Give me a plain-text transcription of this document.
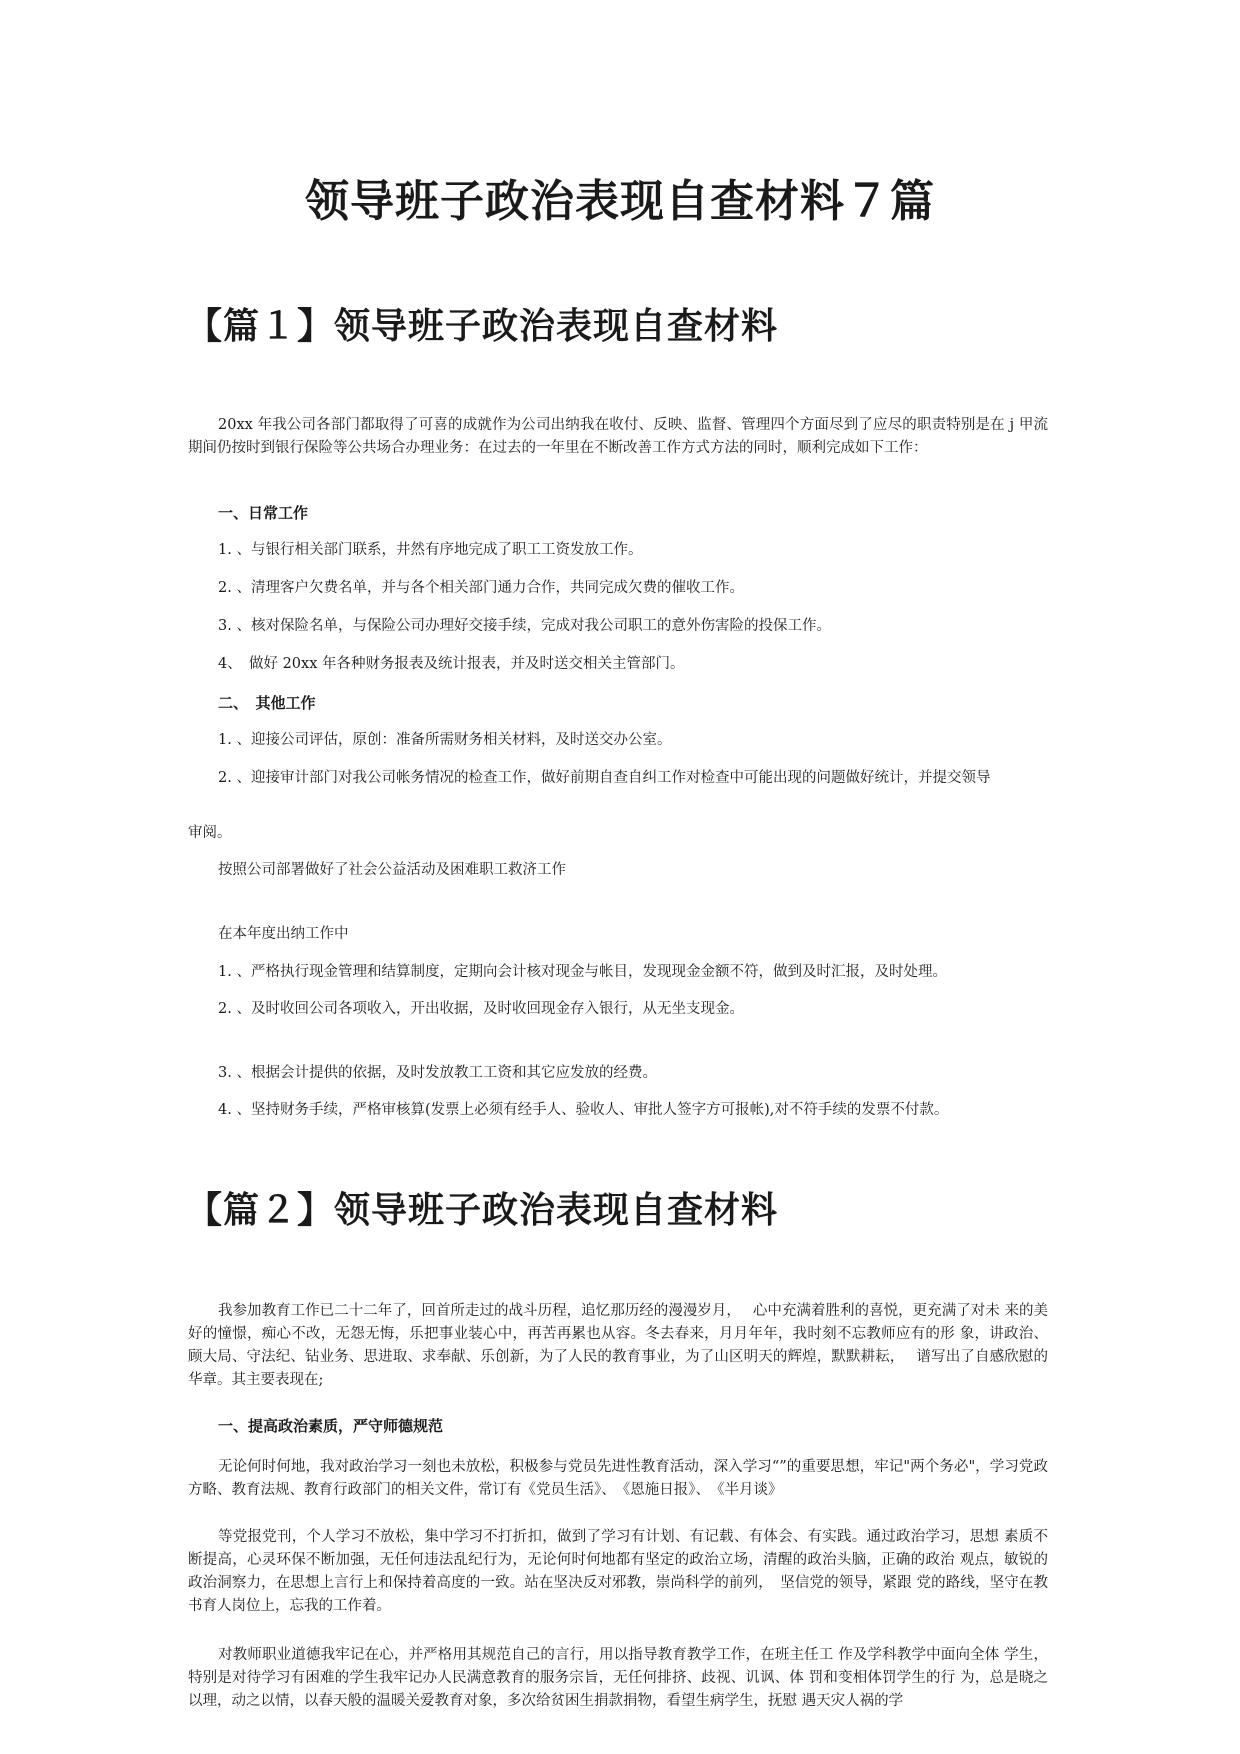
领导班子政治表现自查材料７篇
【篇１】领导班子政治表现自查材料

20xx 年我公司各部门都取得了可喜的成就作为公司出纳我在收付、反映、监督、管理四个方面尽到了应尽的职责特别是在 j 甲流期间仍按时到银行保险等公共场合办理业务：在过去的一年里在不断改善工作方式方法的同时，顺利完成如下工作：

一、日常工作

1. 、与银行相关部门联系，井然有序地完成了职工工资发放工作。

2. 、清理客户欠费名单，并与各个相关部门通力合作，共同完成欠费的催收工作。

3. 、核对保险名单，与保险公司办理好交接手续，完成对我公司职工的意外伤害险的投保工作。

4、　做好 20xx 年各种财务报表及统计报表，并及时送交相关主管部门。

二、　其他工作

1. 、迎接公司评估，原创：准备所需财务相关材料，及时送交办公室。

2. 、迎接审计部门对我公司帐务情况的检查工作，做好前期自查自纠工作对检查中可能出现的问题做好统计，并提交领导

审阅。

按照公司部署做好了社会公益活动及困难职工救济工作

在本年度出纳工作中

1. 、严格执行现金管理和结算制度，定期向会计核对现金与帐目，发现现金金额不符，做到及时汇报，及时处理。

2. 、及时收回公司各项收入，开出收据，及时收回现金存入银行，从无坐支现金。

3. 、根据会计提供的依据，及时发放教工工资和其它应发放的经费。

4. 、坚持财务手续，严格审核算(发票上必须有经手人、验收人、审批人签字方可报帐),对不符手续的发票不付款。

【篇２】领导班子政治表现自查材料

我参加教育工作已二十二年了，回首所走过的战斗历程，追忆那历经的漫漫岁月，　 心中充满着胜利的喜悦，更充满了对未 来的美好的憧憬，痴心不改，无怨无悔，乐把事业装心中，再苦再累也从容。冬去春来，月月年年，我时刻不忘教师应有的形 象，讲政治、顾大局、守法纪、钻业务、思进取、求奉献、乐创新，为了人民的教育事业，为了山区明天的辉煌，默默耕耘，　 谱写出了自感欣慰的华章。其主要表现在;

一、提高政治素质，严守师德规范

无论何时何地，我对政治学习一刻也未放松，积极参与党员先进性教育活动，深入学习“”的重要思想，牢记"两个务必"，学习党政方略、教育法规、教育行政部门的相关文件，常订有《党员生活》、　《恩施日报》、　《半月谈》

等党报党刊，个人学习不放松，集中学习不打折扣，做到了学习有计划、有记载、有体会、有实践。通过政治学习，思想 素质不断提高，心灵环保不断加强，无任何违法乱纪行为，无论何时何地都有坚定的政治立场，清醒的政治头脑，正确的政治 观点，敏锐的政治洞察力，在思想上言行上和保持着高度的一致。站在坚决反对邪教，崇尚科学的前列，　坚信党的领导，紧跟 党的路线，坚守在教书育人岗位上，忘我的工作着。

对教师职业道德我牢记在心，并严格用其规范自己的言行，用以指导教育教学工作，在班主任工 作及学科教学中面向全体 学生，特别是对待学习有困难的学生我牢记办人民满意教育的服务宗旨，无任何排挤、歧视、讥讽、体 罚和变相体罚学生的行 为，总是晓之以理，动之以情，以春天般的温暖关爱教育对象，多次给贫困生捐款捐物，看望生病学生，抚慰 遇天灾人祸的学
